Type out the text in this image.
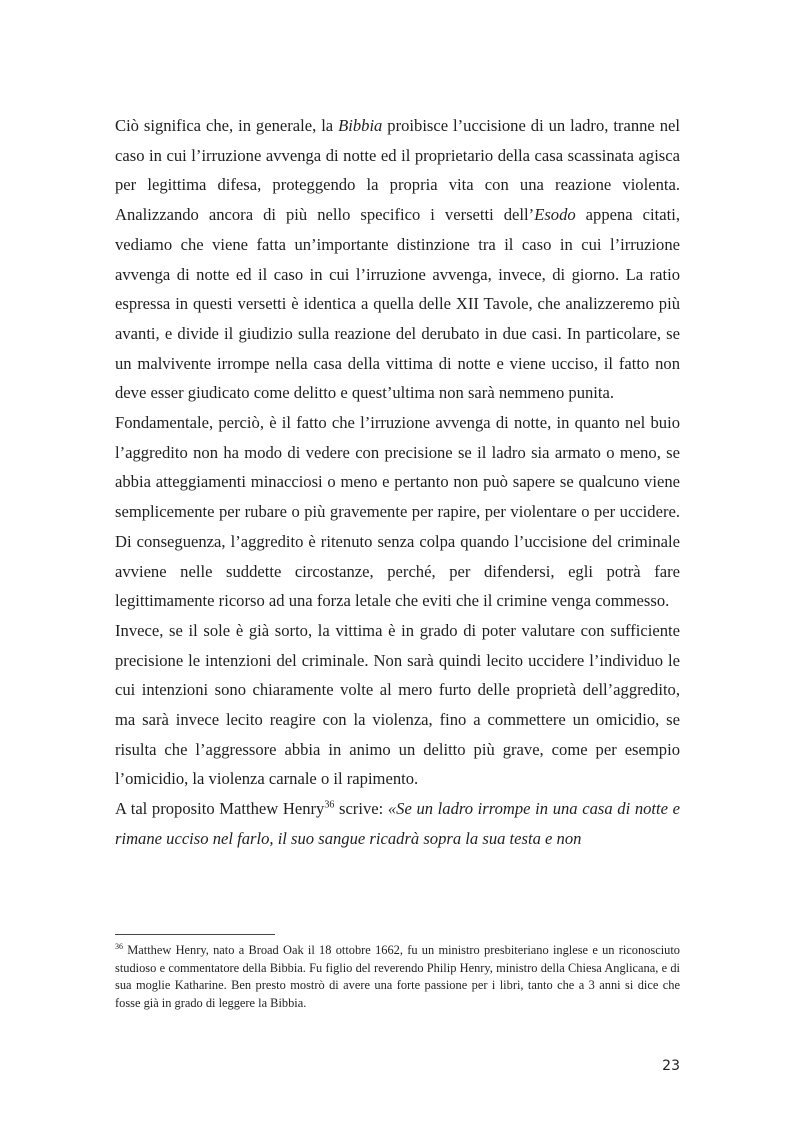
Ciò significa che, in generale, la Bibbia proibisce l’uccisione di un ladro, tranne nel caso in cui l’irruzione avvenga di notte ed il proprietario della casa scassinata agisca per legittima difesa, proteggendo la propria vita con una reazione violenta. Analizzando ancora di più nello specifico i versetti dell’Esodo appena citati, vediamo che viene fatta un’importante distinzione tra il caso in cui l’irruzione avvenga di notte ed il caso in cui l’irruzione avvenga, invece, di giorno. La ratio espressa in questi versetti è identica a quella delle XII Tavole, che analizzeremo più avanti, e divide il giudizio sulla reazione del derubato in due casi. In particolare, se un malvivente irrompe nella casa della vittima di notte e viene ucciso, il fatto non deve esser giudicato come delitto e quest’ultima non sarà nemmeno punita.

Fondamentale, perciò, è il fatto che l’irruzione avvenga di notte, in quanto nel buio l’aggredito non ha modo di vedere con precisione se il ladro sia armato o meno, se abbia atteggiamenti minacciosi o meno e pertanto non può sapere se qualcuno viene semplicemente per rubare o più gravemente per rapire, per violentare o per uccidere. Di conseguenza, l’aggredito è ritenuto senza colpa quando l’uccisione del criminale avviene nelle suddette circostanze, perché, per difendersi, egli potrà fare legittimamente ricorso ad una forza letale che eviti che il crimine venga commesso.

Invece, se il sole è già sorto, la vittima è in grado di poter valutare con sufficiente precisione le intenzioni del criminale. Non sarà quindi lecito uccidere l’individuo le cui intenzioni sono chiaramente volte al mero furto delle proprietà dell’aggredito, ma sarà invece lecito reagire con la violenza, fino a commettere un omicidio, se risulta che l’aggressore abbia in animo un delitto più grave, come per esempio l’omicidio, la violenza carnale o il rapimento.

A tal proposito Matthew Henry$^{36}$ scrive: «Se un ladro irrompe in una casa di notte e rimane ucciso nel farlo, il suo sangue ricadrà sopra la sua testa e non

$^{36}$ Matthew Henry, nato a Broad Oak il 18 ottobre 1662, fu un ministro presbiteriano inglese e un riconosciuto studioso e commentatore della Bibbia. Fu figlio del reverendo Philip Henry, ministro della Chiesa Anglicana, e di sua moglie Katharine. Ben presto mostrò di avere una forte passione per i libri, tanto che a 3 anni si dice che fosse già in grado di leggere la Bibbia.

23
